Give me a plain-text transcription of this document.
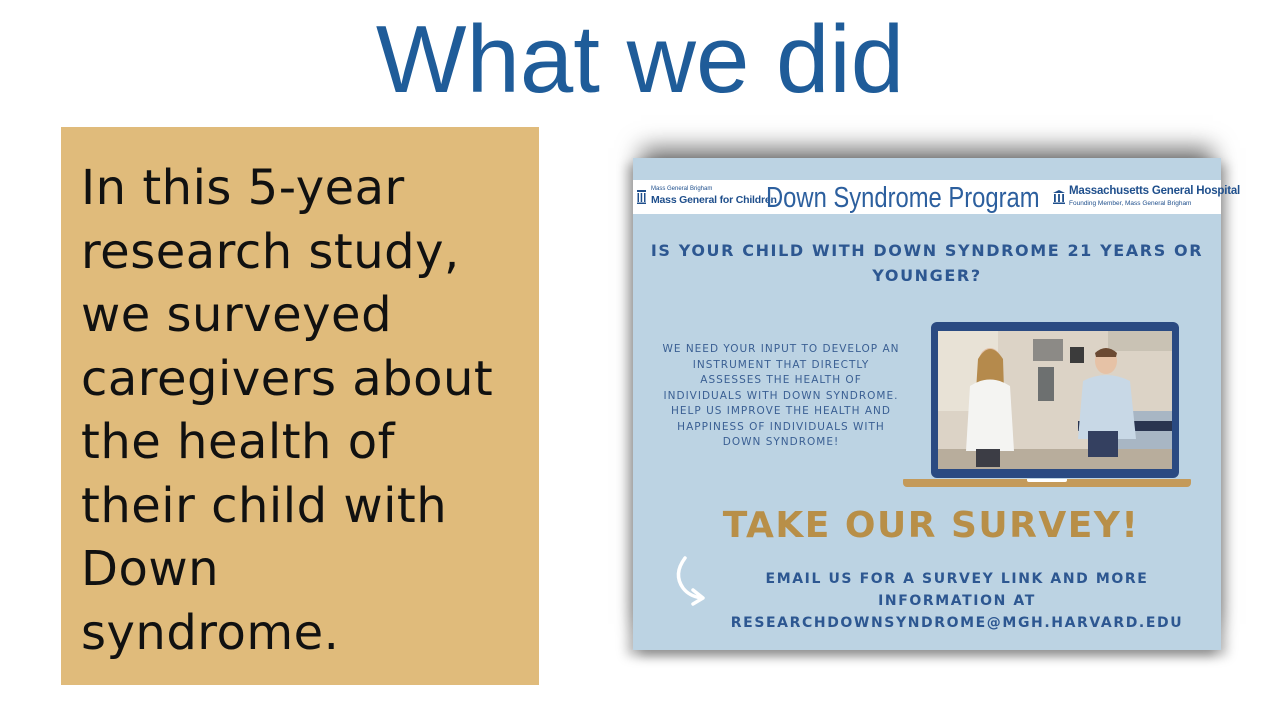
What we did
In this 5-year
research study,
we surveyed
caregivers about
the health of
their child with
Down
syndrome.
Mass General Brigham
Mass General for Children
Down Syndrome Program	Massachusetts General Hospital
Founding Member, Mass General Brigham
IS YOUR CHILD WITH DOWN SYNDROME 21 YEARS OR
YOUNGER?
WE NEED YOUR INPUT TO DEVELOP AN
INSTRUMENT THAT DIRECTLY
ASSESSES THE HEALTH OF
INDIVIDUALS WITH DOWN SYNDROME.
HELP US IMPROVE THE HEALTH AND
HAPPINESS OF INDIVIDUALS WITH
DOWN SYNDROME!
TAKE OUR SURVEY!
EMAIL US FOR A SURVEY LINK AND MORE
INFORMATION AT
RESEARCHDOWNSYNDROME@MGH.HARVARD.EDU
